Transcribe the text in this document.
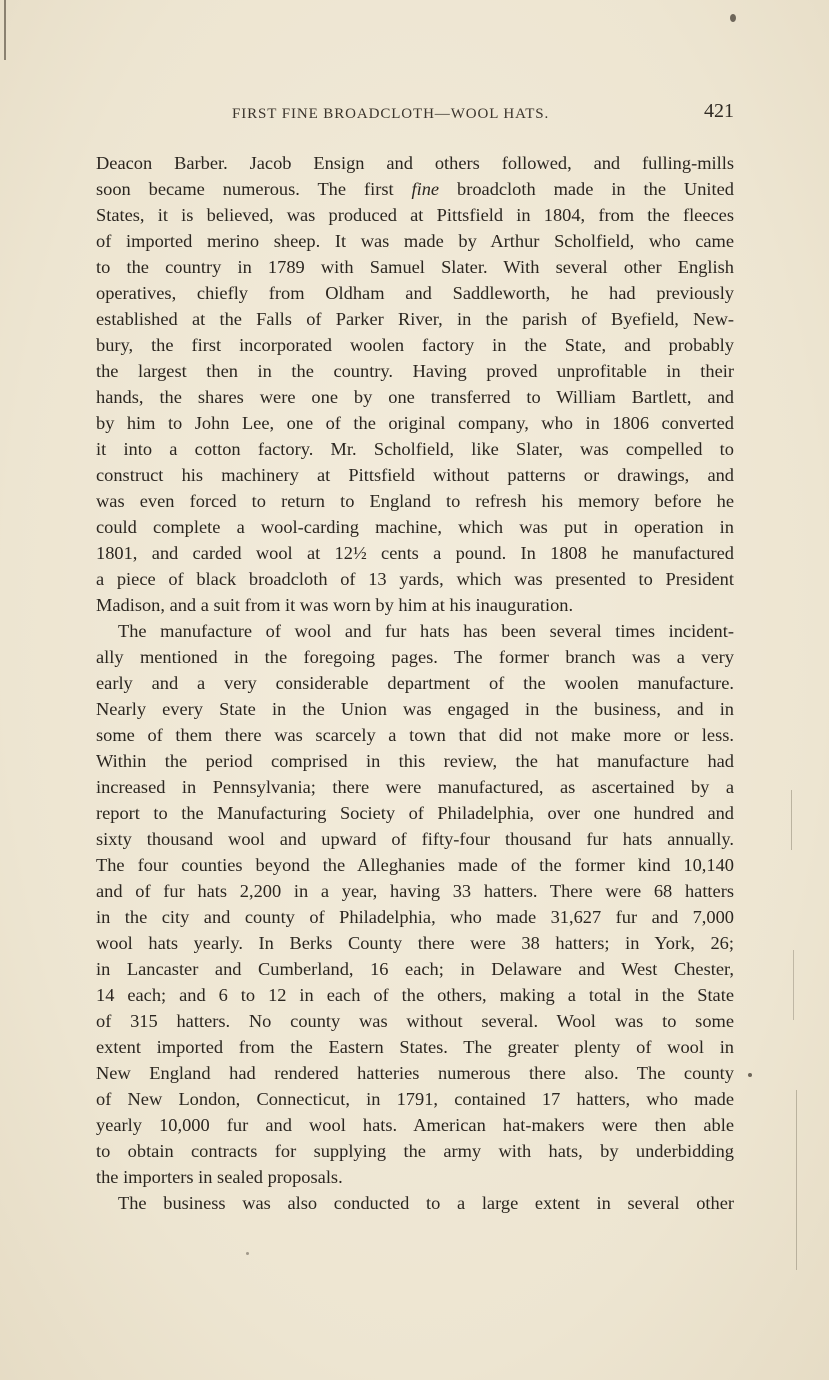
FIRST FINE BROADCLOTH—WOOL HATS.	421
Deacon Barber. Jacob Ensign and others followed, and fulling-mills
soon became numerous. The first fine broadcloth made in the United
States, it is believed, was produced at Pittsfield in 1804, from the fleeces
of imported merino sheep. It was made by Arthur Scholfield, who came
to the country in 1789 with Samuel Slater. With several other English
operatives, chiefly from Oldham and Saddleworth, he had previously
established at the Falls of Parker River, in the parish of Byefield, New-
bury, the first incorporated woolen factory in the State, and probably
the largest then in the country. Having proved unprofitable in their
hands, the shares were one by one transferred to William Bartlett, and
by him to John Lee, one of the original company, who in 1806 converted
it into a cotton factory. Mr. Scholfield, like Slater, was compelled to
construct his machinery at Pittsfield without patterns or drawings, and
was even forced to return to England to refresh his memory before he
could complete a wool-carding machine, which was put in operation in
1801, and carded wool at 12½ cents a pound. In 1808 he manufactured
a piece of black broadcloth of 13 yards, which was presented to President
Madison, and a suit from it was worn by him at his inauguration.
The manufacture of wool and fur hats has been several times incident-
ally mentioned in the foregoing pages. The former branch was a very
early and a very considerable department of the woolen manufacture.
Nearly every State in the Union was engaged in the business, and in
some of them there was scarcely a town that did not make more or less.
Within the period comprised in this review, the hat manufacture had
increased in Pennsylvania; there were manufactured, as ascertained by a
report to the Manufacturing Society of Philadelphia, over one hundred and
sixty thousand wool and upward of fifty-four thousand fur hats annually.
The four counties beyond the Alleghanies made of the former kind 10,140
and of fur hats 2,200 in a year, having 33 hatters. There were 68 hatters
in the city and county of Philadelphia, who made 31,627 fur and 7,000
wool hats yearly. In Berks County there were 38 hatters; in York, 26;
in Lancaster and Cumberland, 16 each; in Delaware and West Chester,
14 each; and 6 to 12 in each of the others, making a total in the State
of 315 hatters. No county was without several. Wool was to some
extent imported from the Eastern States. The greater plenty of wool in
New England had rendered hatteries numerous there also. The county
of New London, Connecticut, in 1791, contained 17 hatters, who made
yearly 10,000 fur and wool hats. American hat-makers were then able
to obtain contracts for supplying the army with hats, by underbidding
the importers in sealed proposals.
The business was also conducted to a large extent in several other
